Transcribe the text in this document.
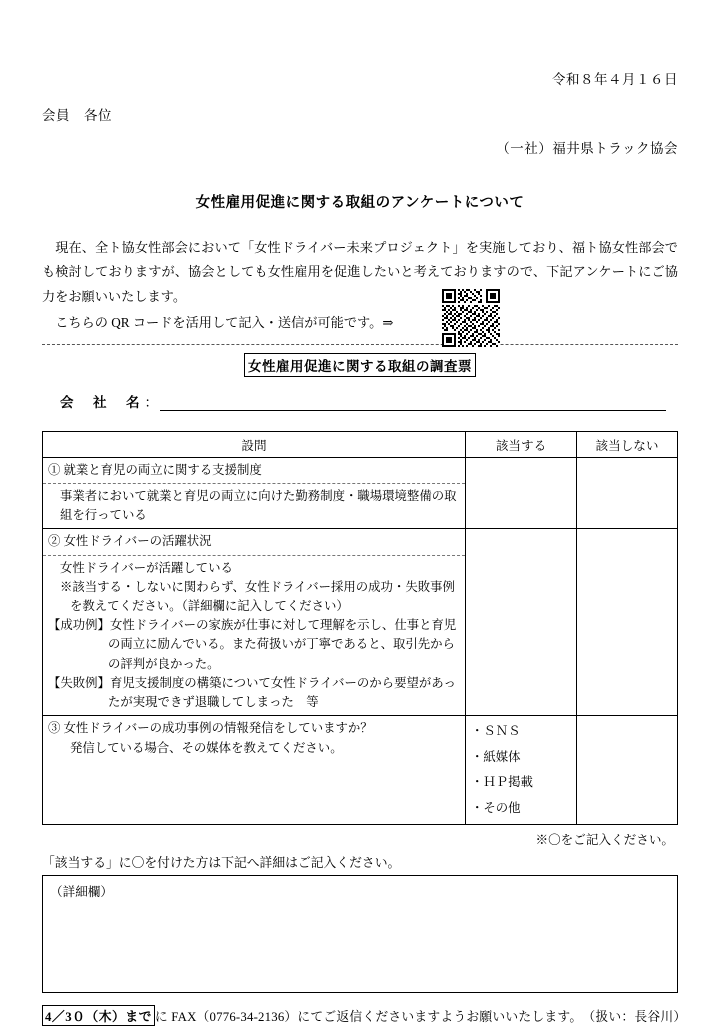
令和８年４月１６日
会員　各位
（一社）福井県トラック協会
女性雇用促進に関する取組のアンケートについて
現在、全ト協女性部会において「女性ドライバー未来プロジェクト」を実施しており、福ト協女性部会でも検討しておりますが、協会としても女性雇用を促進したいと考えておりますので、下記アンケートにご協力をお願いいたします。
こちらの QR コードを活用して記入・送信が可能です。⇒
女性雇用促進に関する取組の調査票
会　社　名 ：
設問	該当する	該当しない
① 就業と育児の両立に関する支援制度		

事業者において就業と育児の両立に向けた勤務制度・職場環境整備の取
組を行っている		

② 女性ドライバーの活躍状況		

女性ドライバーが活躍している
※該当する・しないに関わらず、女性ドライバー採用の成功・失敗事例
を教えてください。（詳細欄に記入してください）
【成功例】女性ドライバーの家族が仕事に対して理解を示し、仕事と育児
の両立に励んでいる。また荷扱いが丁寧であると、取引先から
の評判が良かった。
【失敗例】育児支援制度の構築について女性ドライバーのから要望があっ
たが実現できず退職してしまった　等

③ 女性ドライバーの成功事例の情報発信をしていますか？
発信している場合、その媒体を教えてください。	・ＳＮＳ
・紙媒体
・ＨＰ掲載
・その他	

※〇をご記入ください。
「該当する」に〇を付けた方は下記へ詳細はご記入ください。
（詳細欄）
4／3０（木）まで に FAX（0776-34-2136）にてご返信くださいますようお願いいたします。 （扱い：長谷川）
